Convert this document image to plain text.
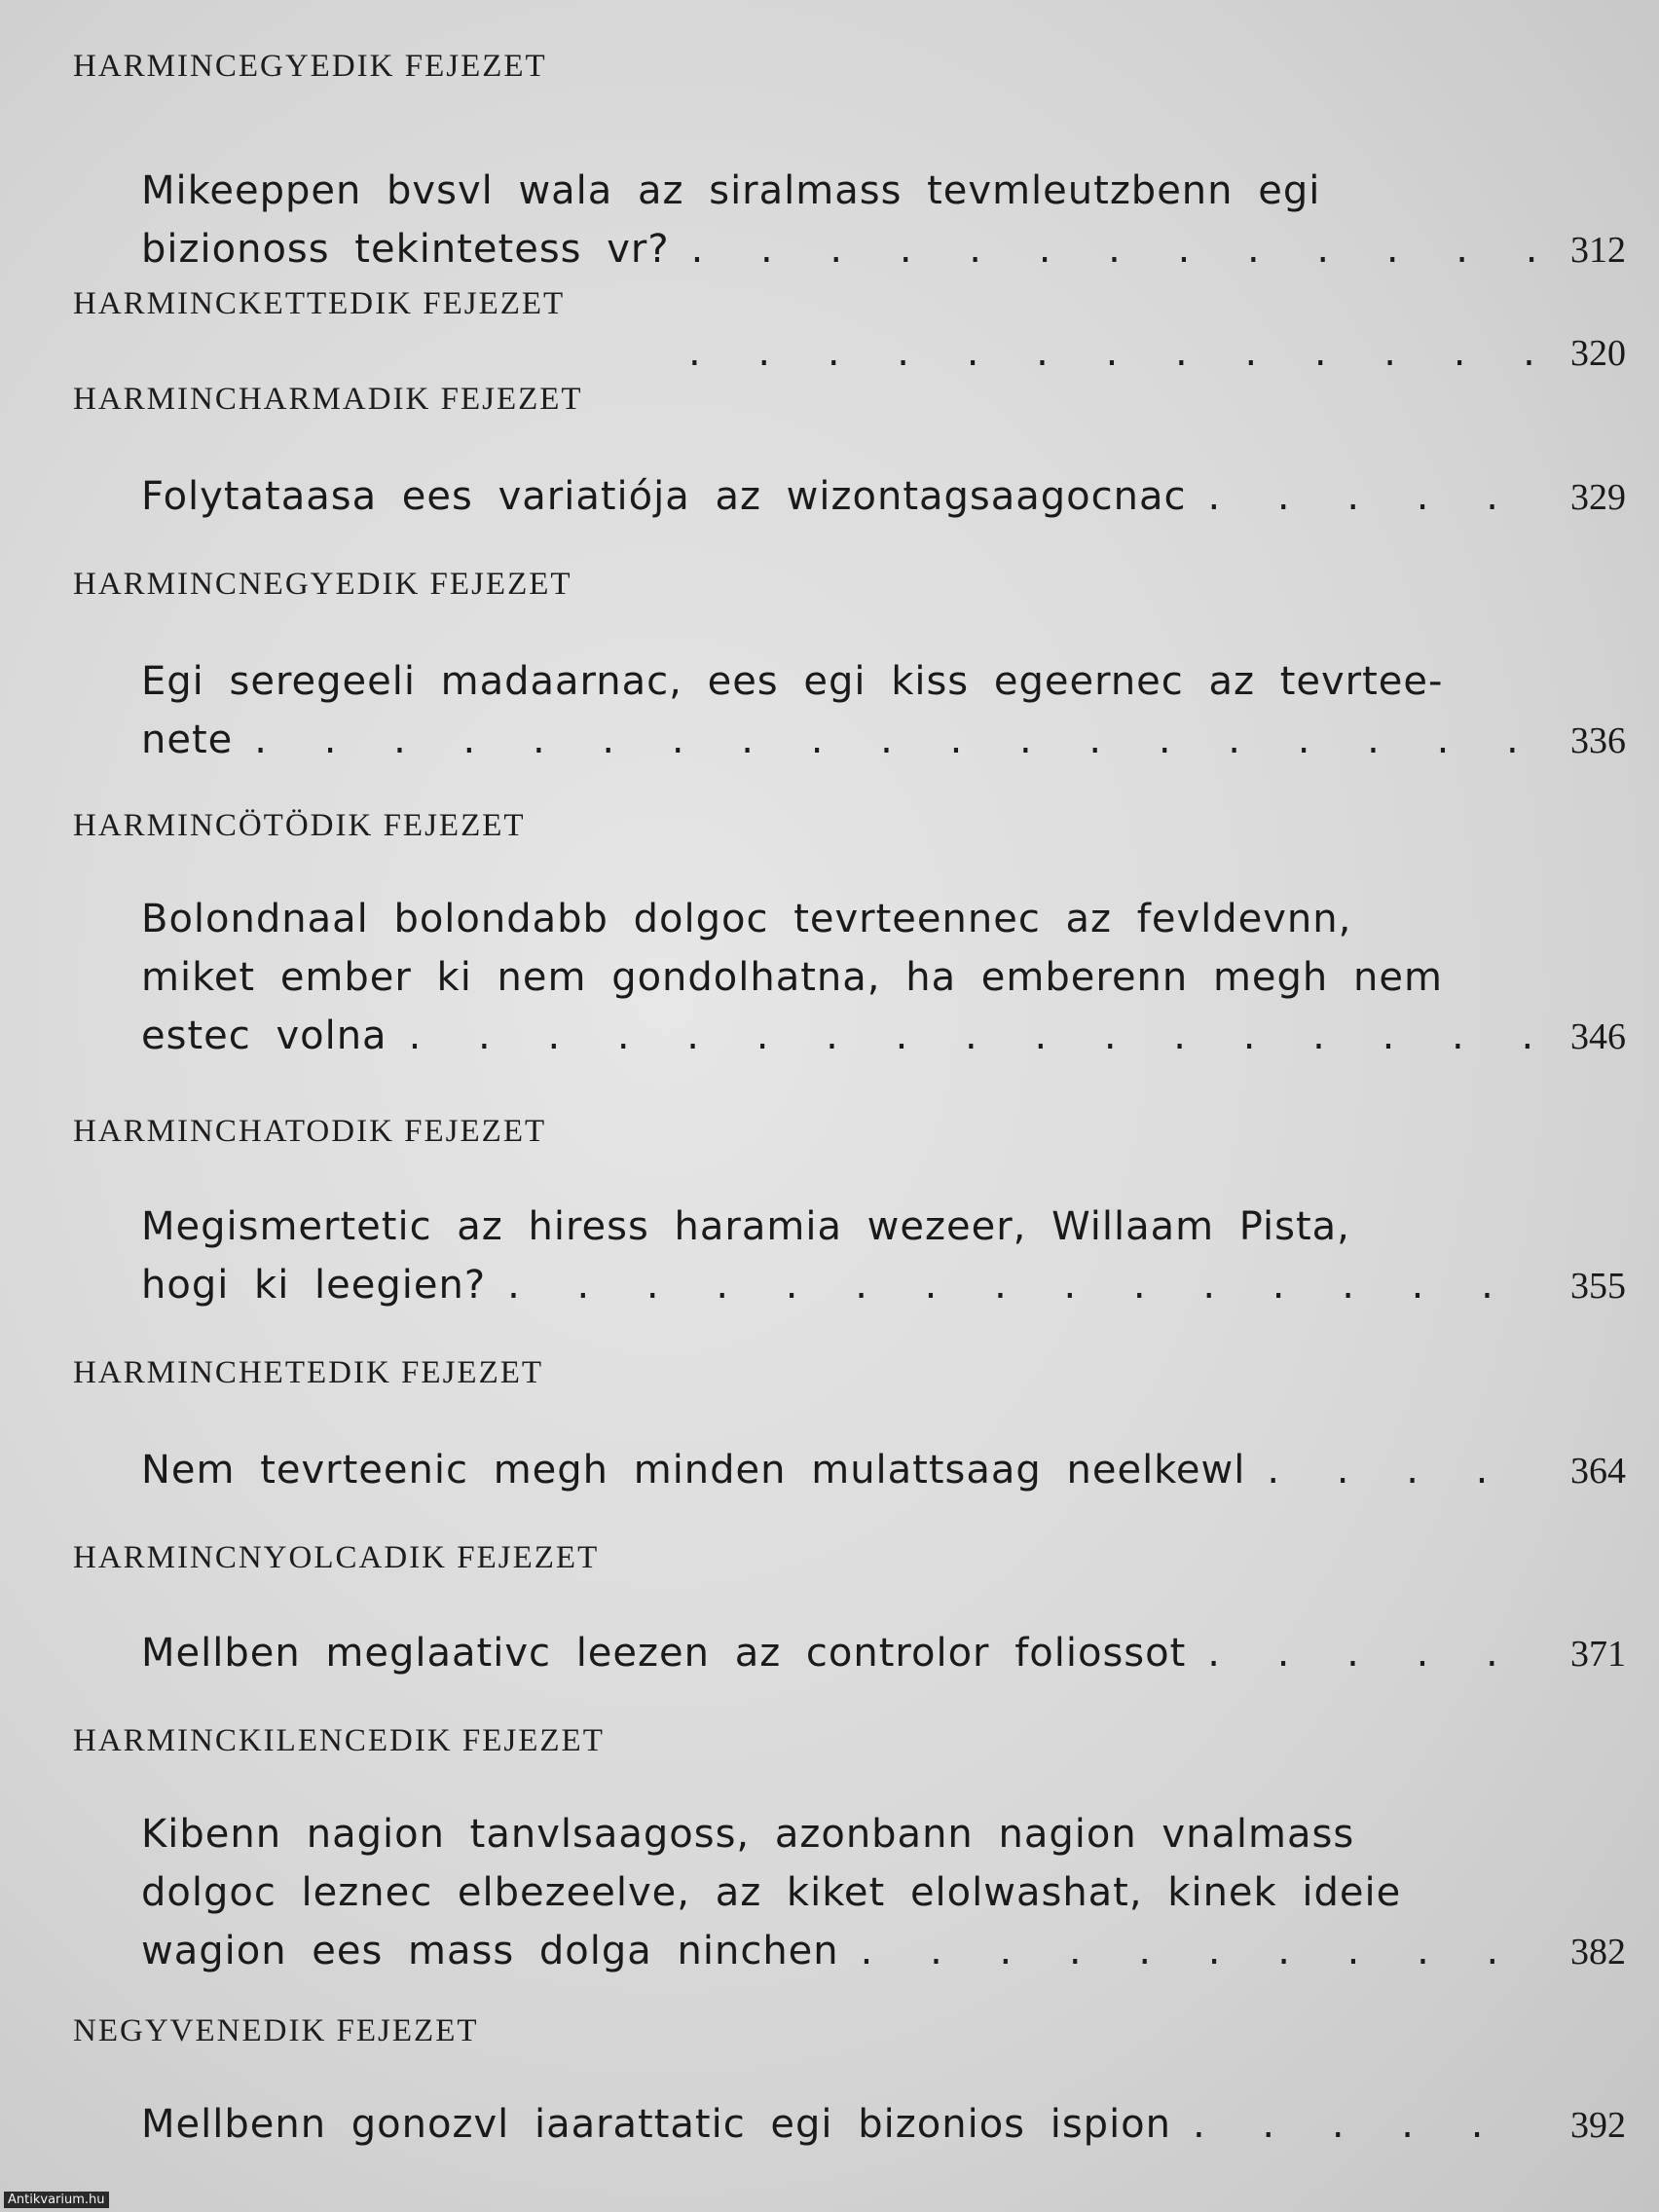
HARMINCEGYEDIK FEJEZET
Mikeeppen bvsvl wala az siralmass tevmleutzbenn egi
bizionoss tekintetess vr? . . .	312
HARMINCKETTEDIK FEJEZET
. . .
320
HARMINCHARMADIK FEJEZET
Folytataasa ees variatiója az wizontagsaagocnac . . .	329
HARMINCNEGYEDIK FEJEZET
Egi seregeeli madaarnac, ees egi kiss egeernec az tevrtee-
nete . . .	336
HARMINCÖTÖDIK FEJEZET
Bolondnaal bolondabb dolgoc tevrteennec az fevldevnn,
miket ember ki nem gondolhatna, ha emberenn megh nem
estec volna . . .	346
HARMINCHATODIK FEJEZET
Megismertetic az hiress haramia wezeer, Willaam Pista,
hogi ki leegien? . . .	355
HARMINCHETEDIK FEJEZET
Nem tevrteenic megh minden mulattsaag neelkewl . . .	364
HARMINCNYOLCADIK FEJEZET
Mellben meglaativc leezen az controlor foliossot . . .	371
HARMINCKILENCEDIK FEJEZET
Kibenn nagion tanvlsaagoss, azonbann nagion vnalmass
dolgoc leznec elbezeelve, az kiket elolwashat, kinek ideie
wagion ees mass dolga ninchen . . .	382
NEGYVENEDIK FEJEZET
Mellbenn gonozvl iaarattatic egi bizonios ispion . . .	392
Antikvarium.hu
